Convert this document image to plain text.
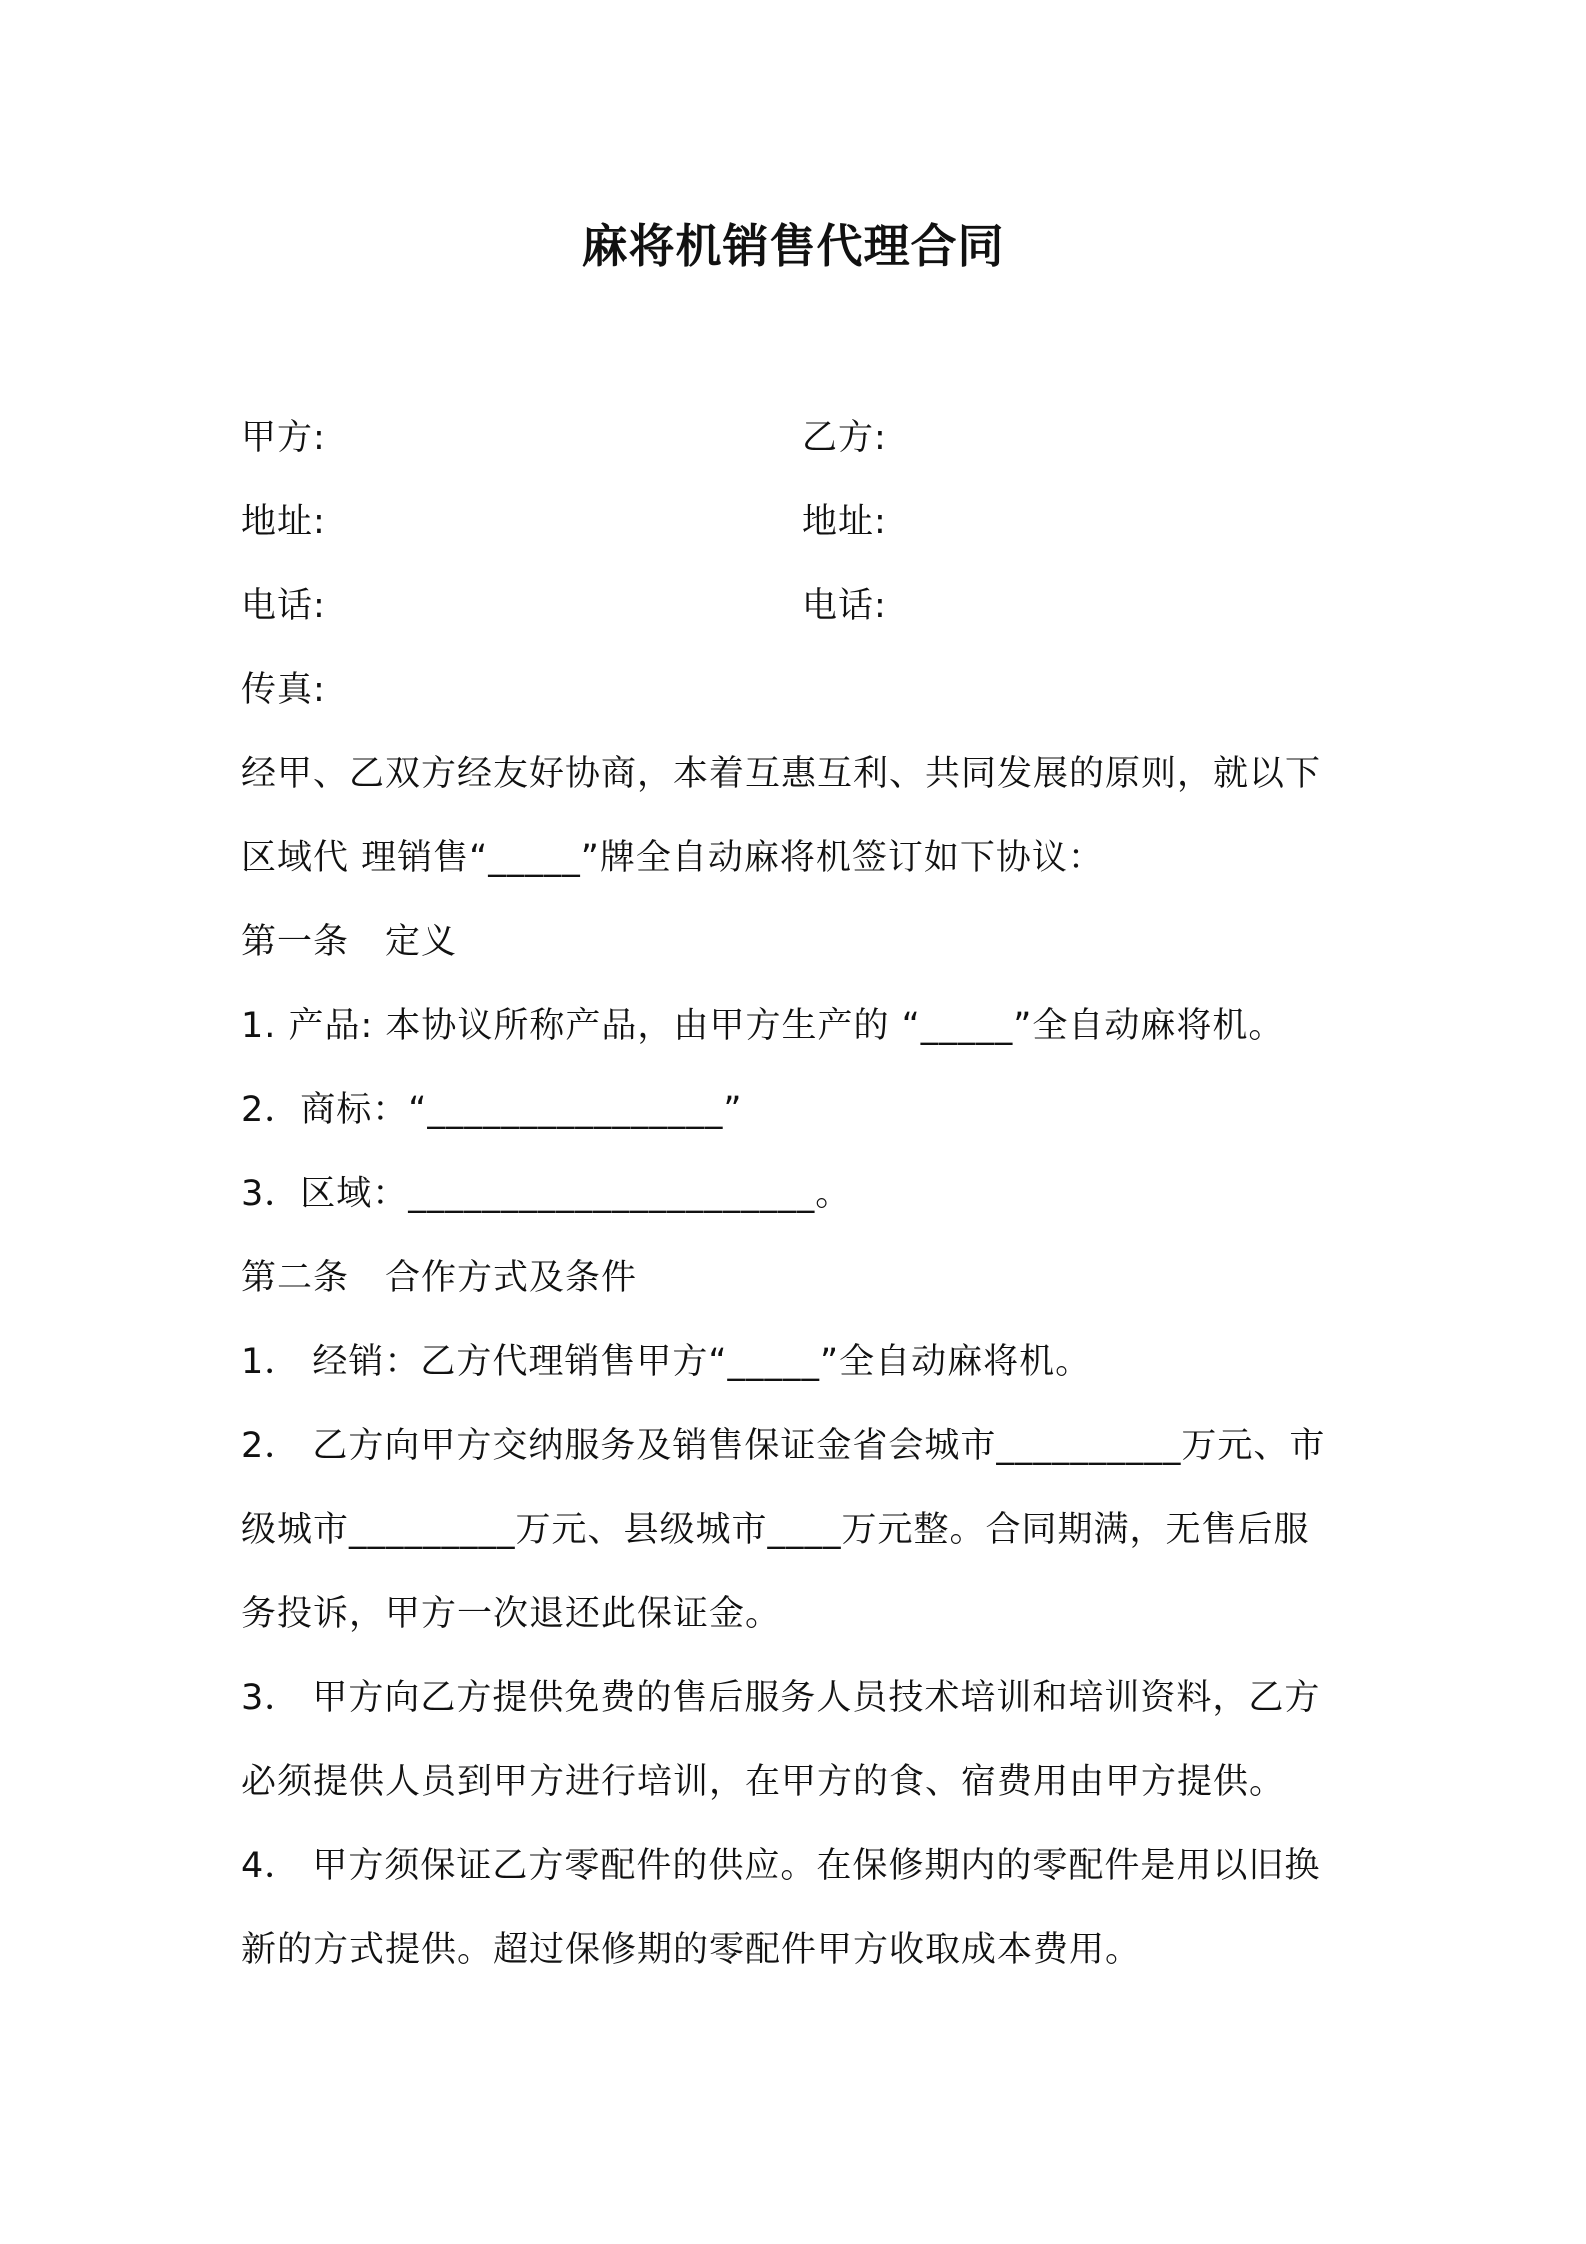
麻将机销售代理合同
甲方:	乙方:
地址:	地址:
电话:	电话:
传真:
经甲、乙双方经友好协商，本着互惠互利、共同发展的原则，就以下
区域代 理销售“_____”牌全自动麻将机签订如下协议：
第一条 定义
1. 产品: 本协议所称产品，由甲方生产的 “_____”全自动麻将机。
2．商标：“________________”
3．区域：______________________。
第二条 合作方式及条件
1． 经销：乙方代理销售甲方“_____”全自动麻将机。
2． 乙方向甲方交纳服务及销售保证金省会城市__________万元、市
级城市_________万元、县级城市____万元整。合同期满，无售后服
务投诉，甲方一次退还此保证金。
3． 甲方向乙方提供免费的售后服务人员技术培训和培训资料，乙方
必须提供人员到甲方进行培训，在甲方的食、宿费用由甲方提供。
4． 甲方须保证乙方零配件的供应。在保修期内的零配件是用以旧换
新的方式提供。超过保修期的零配件甲方收取成本费用。
